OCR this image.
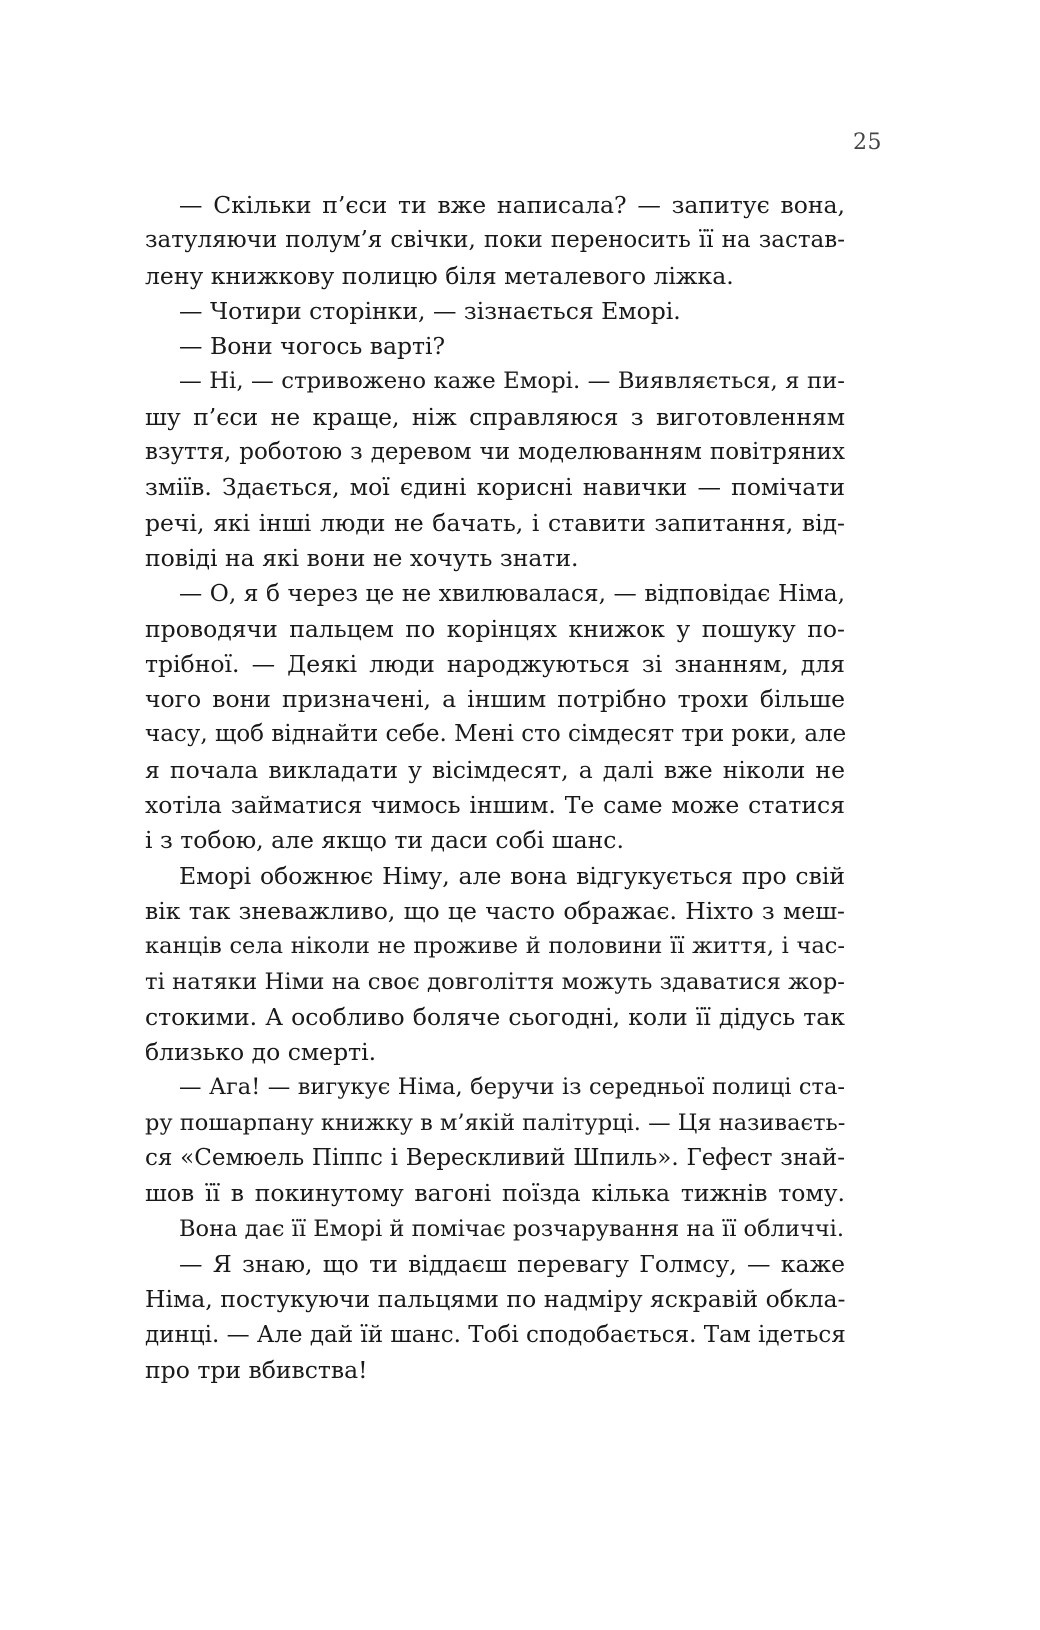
25
— Скільки п’єси ти вже написала? — запитує вона,
затуляючи полум’я свічки, поки переносить її на застав-
лену книжкову полицю біля металевого ліжка.
— Чотири сторінки, — зізнається Еморі.
— Вони чогось варті?
— Ні, — стривожено каже Еморі. — Виявляється, я пи-
шу п’єси не краще, ніж справляюся з виготовленням
взуття, роботою з деревом чи моделюванням повітряних
зміїв. Здається, мої єдині корисні навички — помічати
речі, які інші люди не бачать, і ставити запитання, від-
повіді на які вони не хочуть знати.
— О, я б через це не хвилювалася, — відповідає Німа,
проводячи пальцем по корінцях книжок у пошуку по-
трібної. — Деякі люди народжуються зі знанням, для
чого вони призначені, а іншим потрібно трохи більше
часу, щоб віднайти себе. Мені сто сімдесят три роки, але
я почала викладати у вісімдесят, а далі вже ніколи не
хотіла займатися чимось іншим. Те саме може статися
і з тобою, але якщо ти даси собі шанс.
Еморі обожнює Німу, але вона відгукується про свій
вік так зневажливо, що це часто ображає. Ніхто з меш-
канців села ніколи не проживе й половини її життя, і час-
ті натяки Німи на своє довголіття можуть здаватися жор-
стокими. А особливо боляче сьогодні, коли її дідусь так
близько до смерті.
— Ага! — вигукує Німа, беручи із середньої полиці ста-
ру пошарпану книжку в м’якій палітурці. — Ця називаєть-
ся «Семюель Піппс і Верескливий Шпиль». Гефест знай-
шов її в покинутому вагоні поїзда кілька тижнів тому.
Вона дає її Еморі й помічає розчарування на її обличчі.
— Я знаю, що ти віддаєш перевагу Голмсу, — каже
Німа, постукуючи пальцями по надміру яскравій обкла-
динці. — Але дай їй шанс. Тобі сподобається. Там ідеться
про три вбивства!
